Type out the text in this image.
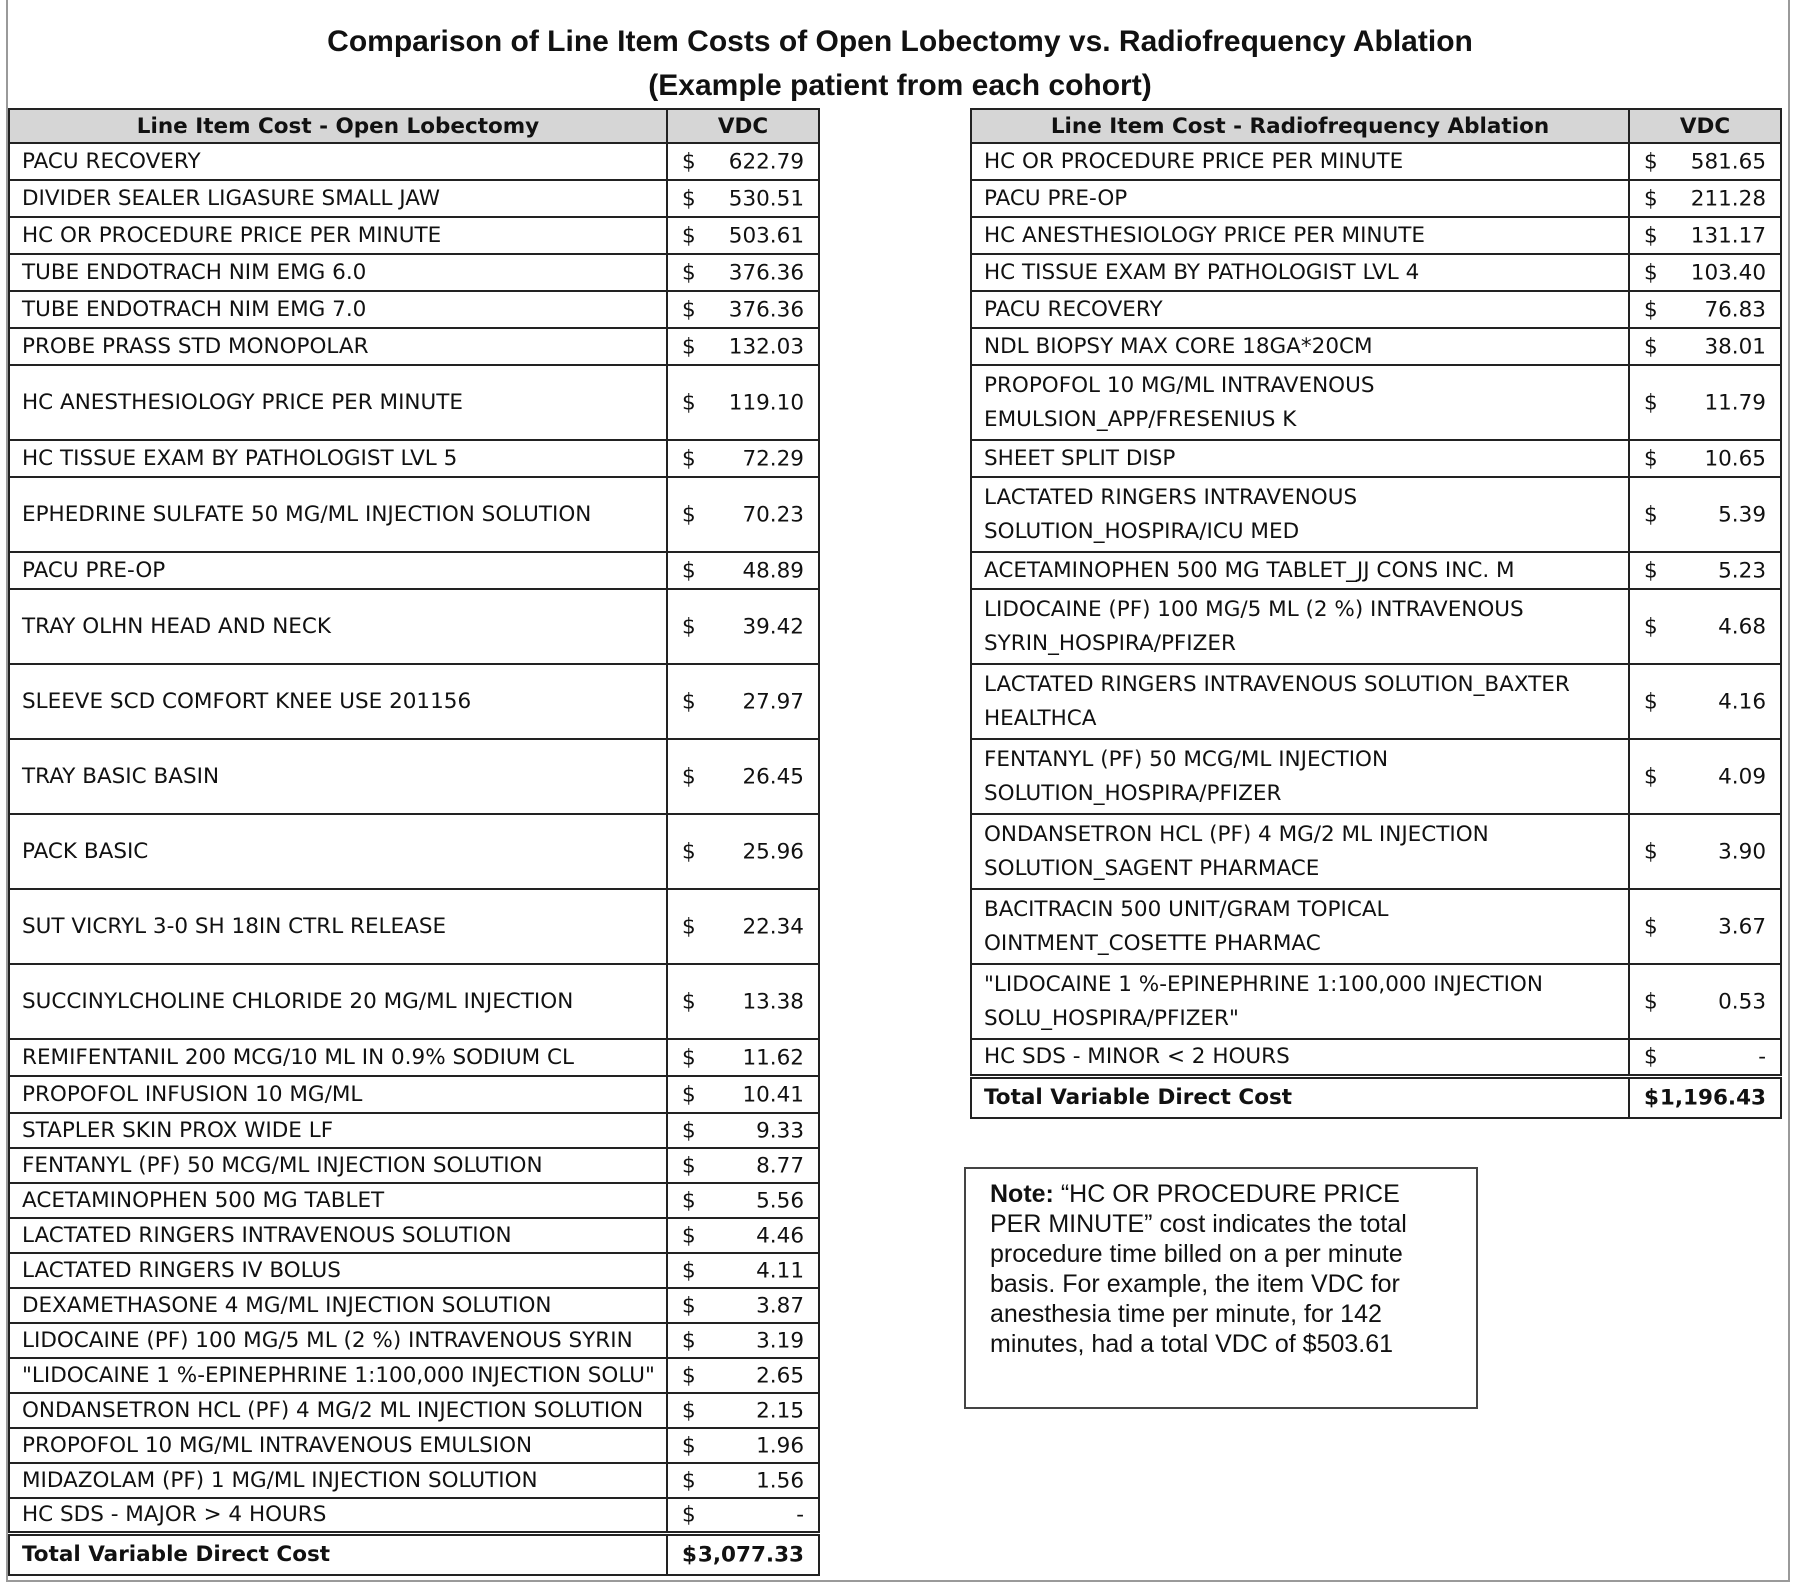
Comparison of Line Item Costs of Open Lobectomy vs. Radiofrequency Ablation
(Example patient from each cohort)
Line Item Cost - Open Lobectomy	VDC
PACU RECOVERY	$ 622.79

DIVIDER SEALER LIGASURE SMALL JAW	$ 530.51

HC OR PROCEDURE PRICE PER MINUTE	$ 503.61

TUBE ENDOTRACH NIM EMG 6.0	$ 376.36

TUBE ENDOTRACH NIM EMG 7.0	$ 376.36

PROBE PRASS STD MONOPOLAR	$ 132.03

HC ANESTHESIOLOGY PRICE PER MINUTE	$ 119.10

HC TISSUE EXAM BY PATHOLOGIST LVL 5	$ 72.29

EPHEDRINE SULFATE 50 MG/ML INJECTION SOLUTION	$ 70.23

PACU PRE-OP	$ 48.89

TRAY OLHN HEAD AND NECK	$ 39.42

SLEEVE SCD COMFORT KNEE USE 201156	$ 27.97

TRAY BASIC BASIN	$ 26.45

PACK BASIC	$ 25.96

SUT VICRYL 3-0 SH 18IN CTRL RELEASE	$ 22.34

SUCCINYLCHOLINE CHLORIDE 20 MG/ML INJECTION	$ 13.38

REMIFENTANIL 200 MCG/10 ML IN 0.9% SODIUM CL	$ 11.62

PROPOFOL INFUSION 10 MG/ML	$ 10.41

STAPLER SKIN PROX WIDE LF	$ 9.33

FENTANYL (PF) 50 MCG/ML INJECTION SOLUTION	$ 8.77

ACETAMINOPHEN 500 MG TABLET	$ 5.56

LACTATED RINGERS INTRAVENOUS SOLUTION	$ 4.46

LACTATED RINGERS IV BOLUS	$ 4.11

DEXAMETHASONE 4 MG/ML INJECTION SOLUTION	$ 3.87

LIDOCAINE (PF) 100 MG/5 ML (2 %) INTRAVENOUS SYRIN	$ 3.19

"LIDOCAINE 1 %-EPINEPHRINE 1:100,000 INJECTION SOLU"	$ 2.65

ONDANSETRON HCL (PF) 4 MG/2 ML INJECTION SOLUTION	$ 2.15

PROPOFOL 10 MG/ML INTRAVENOUS EMULSION	$ 1.96

MIDAZOLAM (PF) 1 MG/ML INJECTION SOLUTION	$ 1.56

HC SDS - MAJOR > 4 HOURS	$ -

Total Variable Direct Cost	$ 3,077.33
Line Item Cost - Radiofrequency Ablation	VDC
HC OR PROCEDURE PRICE PER MINUTE	$ 581.65

PACU PRE-OP	$ 211.28

HC ANESTHESIOLOGY PRICE PER MINUTE	$ 131.17

HC TISSUE EXAM BY PATHOLOGIST LVL 4	$ 103.40

PACU RECOVERY	$ 76.83

NDL BIOPSY MAX CORE 18GA*20CM	$ 38.01

PROPOFOL 10 MG/ML INTRAVENOUS EMULSION_APP/FRESENIUS K	$ 11.79

SHEET SPLIT DISP	$ 10.65

LACTATED RINGERS INTRAVENOUS SOLUTION_HOSPIRA/ICU MED	$ 5.39

ACETAMINOPHEN 500 MG TABLET_JJ CONS INC. M	$ 5.23

LIDOCAINE (PF) 100 MG/5 ML (2 %) INTRAVENOUS SYRIN_HOSPIRA/PFIZER	$ 4.68

LACTATED RINGERS INTRAVENOUS SOLUTION_BAXTER HEALTHCA	$ 4.16

FENTANYL (PF) 50 MCG/ML INJECTION SOLUTION_HOSPIRA/PFIZER	$ 4.09

ONDANSETRON HCL (PF) 4 MG/2 ML INJECTION SOLUTION_SAGENT PHARMACE	$ 3.90

BACITRACIN 500 UNIT/GRAM TOPICAL OINTMENT_COSETTE PHARMAC	$ 3.67

"LIDOCAINE 1 %-EPINEPHRINE 1:100,000 INJECTION SOLU_HOSPIRA/PFIZER"	$ 0.53

HC SDS - MINOR < 2 HOURS	$ -

Total Variable Direct Cost	$ 1,196.43
Note: “HC OR PROCEDURE PRICE PER MINUTE” cost indicates the total procedure time billed on a per minute basis. For example, the item VDC for anesthesia time per minute, for 142 minutes, had a total VDC of $503.61
